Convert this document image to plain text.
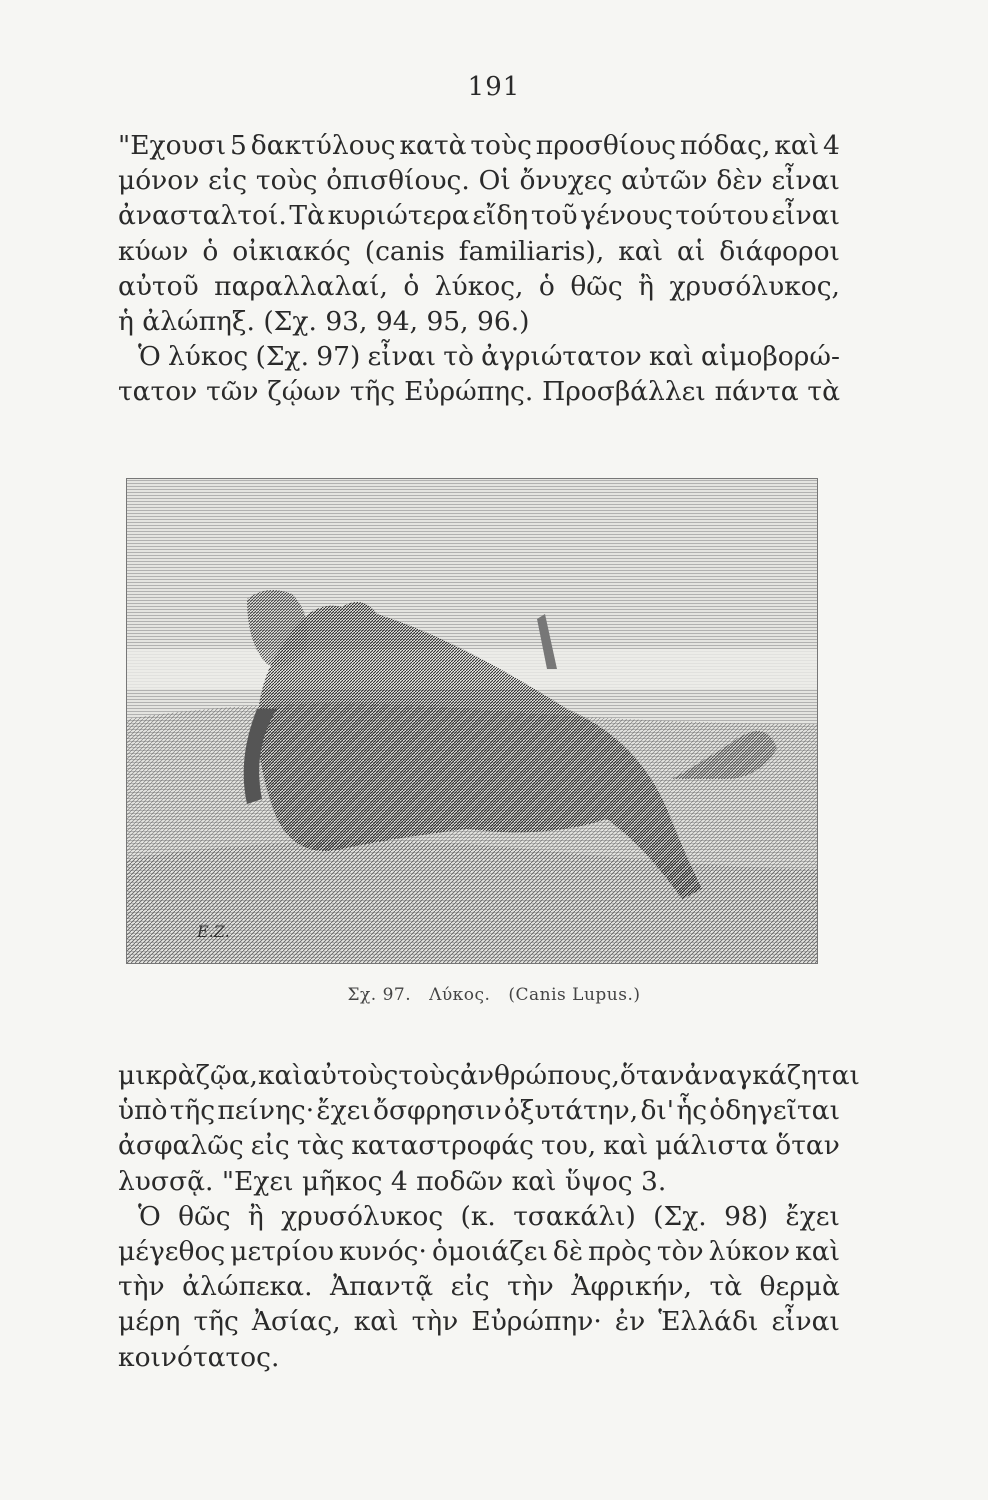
191
"Εχουσι 5 δακτύλους κατὰ τοὺς προσθίους πόδας, καὶ 4
μόνον εἰς τοὺς ὀπισθίους. Οἱ ὄνυχες αὐτῶν δὲν εἶναι
ἀνασταλτοί. Τὰ κυριώτερα εἴδη τοῦ γένους τούτου εἶναι
κύων ὁ οἰκιακός (canis familiaris), καὶ αἱ διάφοροι
αὐτοῦ παραλλαλαί, ὁ λύκος, ὁ θῶς ἢ χρυσόλυκος,
ἡ ἀλώπηξ. (Σχ. 93, 94, 95, 96.)
Ὁ λύκος (Σχ. 97) εἶναι τὸ ἀγριώτατον καὶ αἱμοβορώ-
τατον τῶν ζῴων τῆς Εὐρώπης. Προσβάλλει πάντα τὰ
E.Z.
Σχ. 97. Λύκος. (Canis Lupus.)
μικρὰ ζῷα, καὶ αὐτοὺς τοὺς ἀνθρώπους, ὅταν ἀναγκάζηται
ὑπὸ τῆς πείνης· ἔχει ὄσφρησιν ὀξυτάτην, δι' ἧς ὁδηγεῖται
ἀσφαλῶς εἰς τὰς καταστροφάς του, καὶ μάλιστα ὅταν
λυσσᾷ. "Εχει μῆκος 4 ποδῶν καὶ ὕψος 3.
Ὁ θῶς ἢ χρυσόλυκος (κ. τσακάλι) (Σχ. 98) ἔχει
μέγεθος μετρίου κυνός· ὁμοιάζει δὲ πρὸς τὸν λύκον καὶ
τὴν ἀλώπεκα. Ἀπαντᾷ εἰς τὴν Ἀφρικήν, τὰ θερμὰ
μέρη τῆς Ἀσίας, καὶ τὴν Εὐρώπην· ἐν Ἑλλάδι εἶναι
κοινότατος.
